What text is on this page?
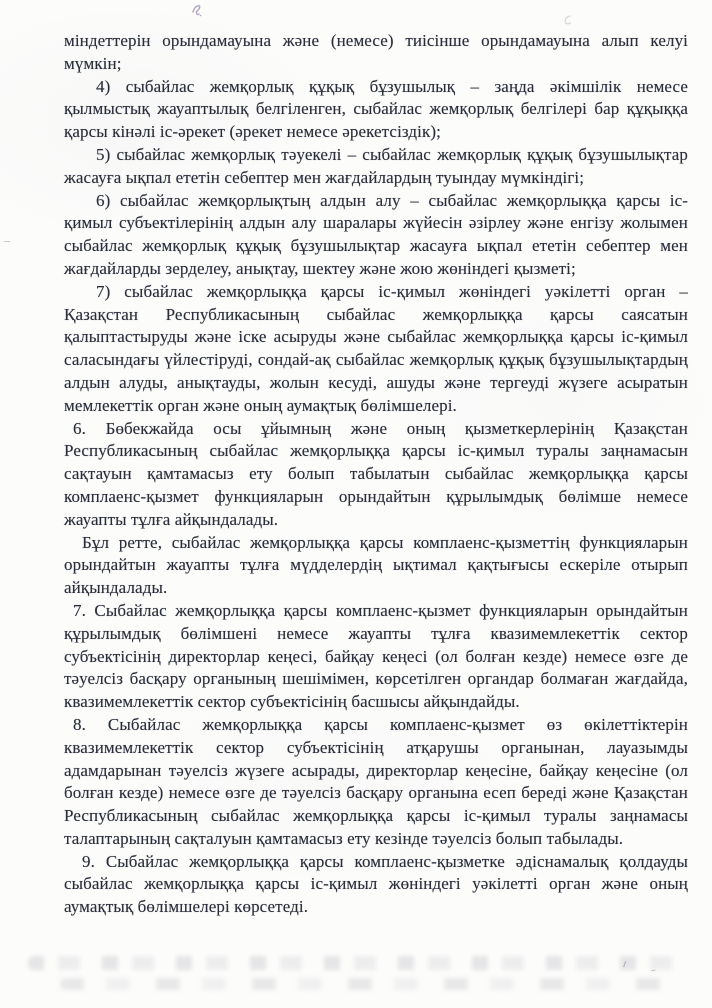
міндеттерін орындамауына және (немесе) тиісінше орындамауына алып келуі мүмкін;

4) сыбайлас жемқорлық құқық бұзушылық – заңда әкімшілік немесе қылмыстық жауаптылық белгіленген, сыбайлас жемқорлық белгілері бар құқыққа қарсы кінәлі іс-әрекет (әрекет немесе әрекетсіздік);

5) сыбайлас жемқорлық тәуекелі – сыбайлас жемқорлық құқық бұзушылықтар жасауға ықпал ететін себептер мен жағдайлардың туындау мүмкіндігі;

6) сыбайлас жемқорлықтың алдын алу – сыбайлас жемқорлыққа қарсы іс-қимыл субъектілерінің алдын алу шаралары жүйесін әзірлеу және енгізу жолымен сыбайлас жемқорлық құқық бұзушылықтар жасауға ықпал ететін себептер мен жағдайларды зерделеу, анықтау, шектеу және жою жөніндегі қызметі;

7) сыбайлас жемқорлыққа қарсы іс-қимыл жөніндегі уәкілетті орган – Қазақстан Республикасының сыбайлас жемқорлыққа қарсы саясатын қалыптастыруды және іске асыруды және сыбайлас жемқорлыққа қарсы іс-қимыл саласындағы үйлестіруді, сондай-ақ сыбайлас жемқорлық құқық бұзушылықтардың алдын алуды, анықтауды, жолын кесуді, ашуды және тергеуді жүзеге асыратын мемлекеттік орган және оның аумақтық бөлімшелері.

6. Бөбекжайда осы ұйымның және оның қызметкерлерінің Қазақстан Республикасының сыбайлас жемқорлыққа қарсы іс-қимыл туралы заңнамасын сақтауын қамтамасыз ету болып табылатын сыбайлас жемқорлыққа қарсы комплаенс-қызмет функцияларын орындайтын құрылымдық бөлімше немесе жауапты тұлға айқындалады.

Бұл ретте, сыбайлас жемқорлыққа қарсы комплаенс-қызметтің функцияларын орындайтын жауапты тұлға мүдделердің ықтимал қақтығысы ескеріле отырып айқындалады.

7. Сыбайлас жемқорлыққа қарсы комплаенс-қызмет функцияларын орындайтын құрылымдық бөлімшені немесе жауапты тұлға квазимемлекеттік сектор субъектісінің директорлар кеңесі, байқау кеңесі (ол болған кезде) немесе өзге де тәуелсіз басқару органының шешімімен, көрсетілген органдар болмаған жағдайда, квазимемлекеттік сектор субъектісінің басшысы айқындайды.

8. Сыбайлас жемқорлыққа қарсы комплаенс-қызмет өз өкілеттіктерін квазимемлекеттік сектор субъектісінің атқарушы органынан, лауазымды адамдарынан тәуелсіз жүзеге асырады, директорлар кеңесіне, байқау кеңесіне (ол болған кезде) немесе өзге де тәуелсіз басқару органына есеп береді және Қазақстан Республикасының сыбайлас жемқорлыққа қарсы іс-қимыл туралы заңнамасы талаптарының сақталуын қамтамасыз ету кезінде тәуелсіз болып табылады.

9. Сыбайлас жемқорлыққа қарсы комплаенс-қызметке әдіснамалық қолдауды сыбайлас жемқорлыққа қарсы іс-қимыл жөніндегі уәкілетті орган және оның аумақтық бөлімшелері көрсетеді.
